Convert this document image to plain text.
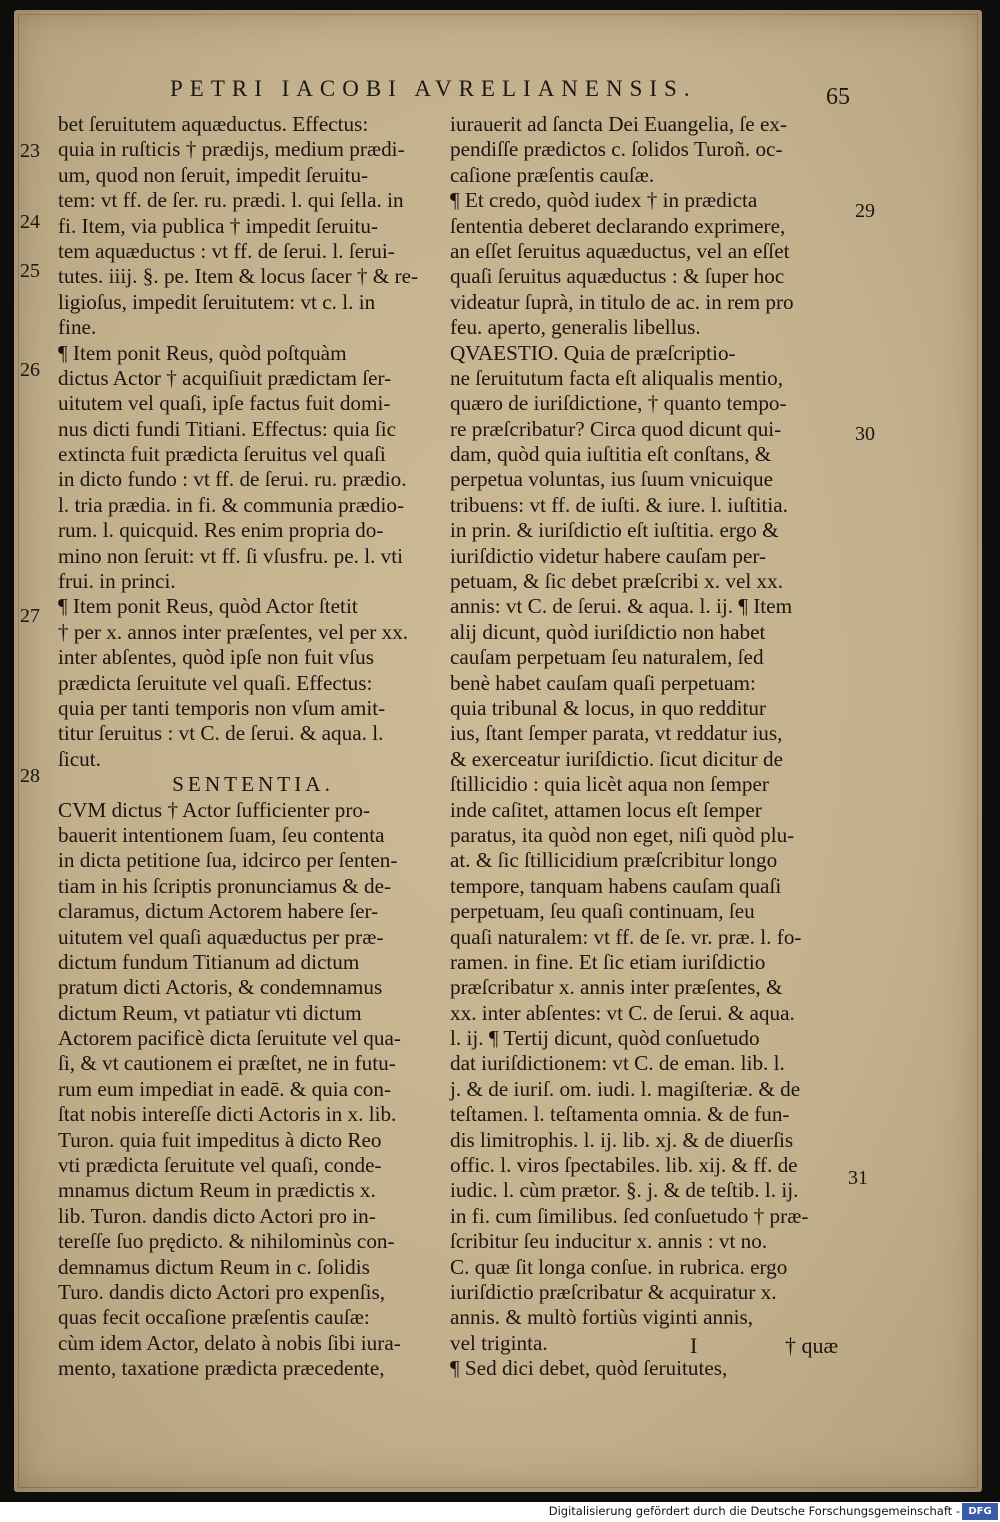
PETRI IACOBI AVRELIANENSIS.	65
bet ſeruitutem aquæductus. Effectus:
quia in ruſticis † prædijs, medium prædi-
um, quod non ſeruit, impedit ſeruitu-
tem: vt ff. de ſer. ru. prædi. l. qui ſella. in
fi. Item, via publica † impedit ſeruitu-
tem aquæductus : vt ff. de ſerui. l. ſerui-
tutes. iiij. §. pe. Item & locus ſacer † & re-
ligioſus, impedit ſeruitutem: vt c. l. in
fine.
¶ Item ponit Reus, quòd poſtquàm
dictus Actor † acquiſiuit prædictam ſer-
uitutem vel quaſi, ipſe factus fuit domi-
nus dicti fundi Titiani. Effectus: quia ſic
extincta fuit prædicta ſeruitus vel quaſi
in dicto fundo : vt ff. de ſerui. ru. prædio.
l. tria prædia. in fi. & communia prædio-
rum. l. quicquid. Res enim propria do-
mino non ſeruit: vt ff. ſi vſusfru. pe. l. vti
frui. in princi.
¶ Item ponit Reus, quòd Actor ſtetit
† per x. annos inter præſentes, vel per xx.
inter abſentes, quòd ipſe non fuit vſus
prædicta ſeruitute vel quaſi. Effectus:
quia per tanti temporis non vſum amit-
titur ſeruitus : vt C. de ſerui. & aqua. l.
ſicut.
SENTENTIA.
CVM dictus † Actor ſufficienter pro-
bauerit intentionem ſuam, ſeu contenta
in dicta petitione ſua, idcirco per ſenten-
tiam in his ſcriptis pronunciamus & de-
claramus, dictum Actorem habere ſer-
uitutem vel quaſi aquæductus per præ-
dictum fundum Titianum ad dictum
pratum dicti Actoris, & condemnamus
dictum Reum, vt patiatur vti dictum
Actorem pacificè dicta ſeruitute vel qua-
ſi, & vt cautionem ei præſtet, ne in futu-
rum eum impediat in eadē. & quia con-
ſtat nobis intereſſe dicti Actoris in x. lib.
Turon. quia fuit impeditus à dicto Reo
vti prædicta ſeruitute vel quaſi, conde-
mnamus dictum Reum in prædictis x.
lib. Turon. dandis dicto Actori pro in-
tereſſe ſuo prędicto. & nihilominùs con-
demnamus dictum Reum in c. ſolidis
Turo. dandis dicto Actori pro expenſis,
quas fecit occaſione præſentis cauſæ:
cùm idem Actor, delato à nobis ſibi iura-
mento, taxatione prædicta præcedente,
iurauerit ad ſancta Dei Euangelia, ſe ex-
pendiſſe prædictos c. ſolidos Turoñ. oc-
caſione præſentis cauſæ.
¶ Et credo, quòd iudex † in prædicta
ſententia deberet declarando exprimere,
an eſſet ſeruitus aquæductus, vel an eſſet
quaſi ſeruitus aquæductus : & ſuper hoc
videatur ſuprà, in titulo de ac. in rem pro
feu. aperto, generalis libellus.
QVAESTIO. Quia de præſcriptio-
ne ſeruitutum facta eſt aliqualis mentio,
quæro de iuriſdictione, † quanto tempo-
re præſcribatur? Circa quod dicunt qui-
dam, quòd quia iuſtitia eſt conſtans, &
perpetua voluntas, ius ſuum vnicuique
tribuens: vt ff. de iuſti. & iure. l. iuſtitia.
in prin. & iuriſdictio eſt iuſtitia. ergo &
iuriſdictio videtur habere cauſam per-
petuam, & ſic debet præſcribi x. vel xx.
annis: vt C. de ſerui. & aqua. l. ij. ¶ Item
alij dicunt, quòd iuriſdictio non habet
cauſam perpetuam ſeu naturalem, ſed
benè habet cauſam quaſi perpetuam:
quia tribunal & locus, in quo redditur
ius, ſtant ſemper parata, vt reddatur ius,
& exerceatur iuriſdictio. ſicut dicitur de
ſtillicidio : quia licèt aqua non ſemper
inde caſitet, attamen locus eſt ſemper
paratus, ita quòd non eget, niſi quòd plu-
at. & ſic ſtillicidium præſcribitur longo
tempore, tanquam habens cauſam quaſi
perpetuam, ſeu quaſi continuam, ſeu
quaſi naturalem: vt ff. de ſe. vr. præ. l. fo-
ramen. in fine. Et ſic etiam iuriſdictio
præſcribatur x. annis inter præſentes, &
xx. inter abſentes: vt C. de ſerui. & aqua.
l. ij. ¶ Tertij dicunt, quòd conſuetudo
dat iuriſdictionem: vt C. de eman. lib. l.
j. & de iuriſ. om. iudi. l. magiſteriæ. & de
teſtamen. l. teſtamenta omnia. & de fun-
dis limitrophis. l. ij. lib. xj. & de diuerſis
offic. l. viros ſpectabiles. lib. xij. & ff. de
iudic. l. cùm prætor. §. j. & de teſtib. l. ij.
in fi. cum ſimilibus. ſed conſuetudo † præ-
ſcribitur ſeu inducitur x. annis : vt no.
C. quæ ſit longa conſue. in rubrica. ergo
iuriſdictio præſcribatur & acquiratur x.
annis. & multò fortiùs viginti annis,
vel triginta.
¶ Sed dici debet, quòd ſeruitutes,
23
24
25
26
27
28
29
30
31
I	† quæ
Digitalisierung gefördert durch die Deutsche Forschungsgemeinschaft - DFG
